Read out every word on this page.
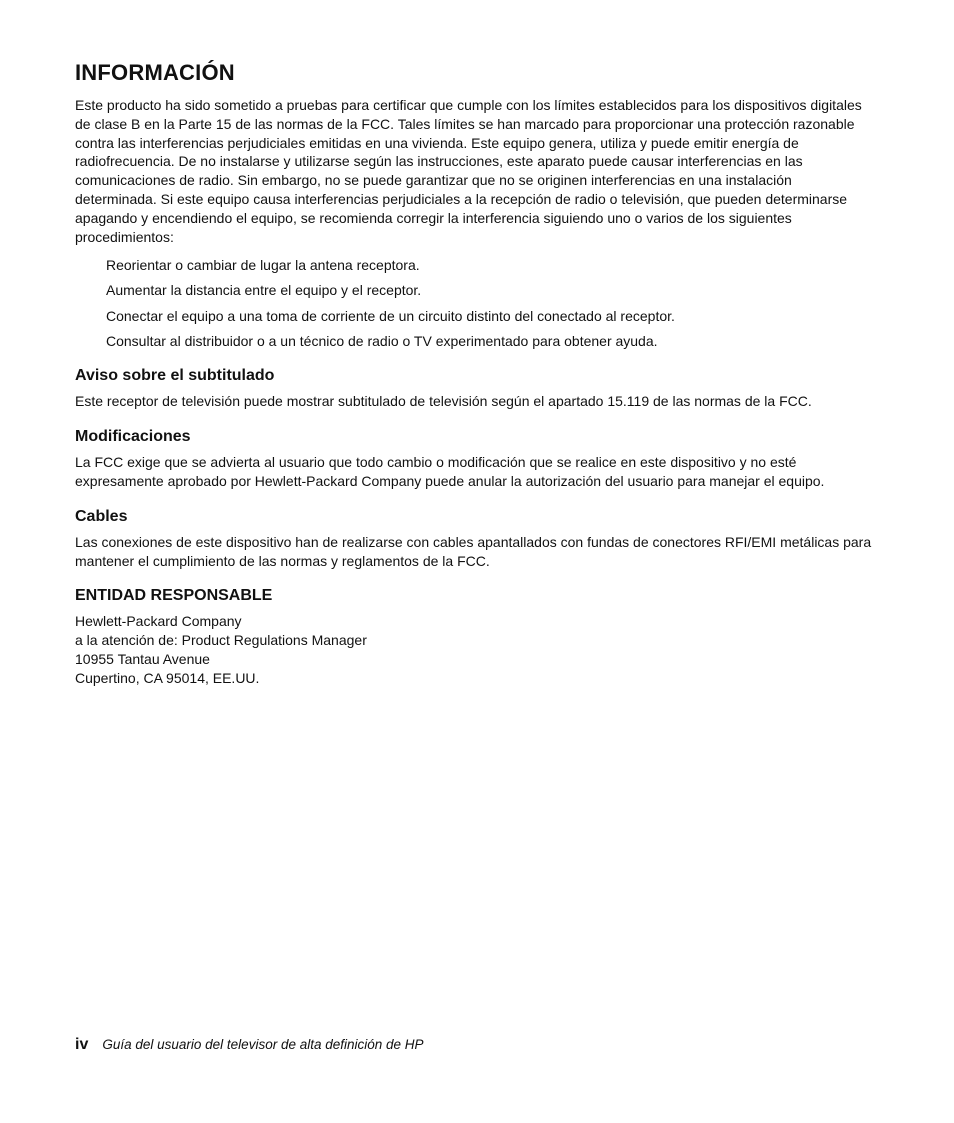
INFORMACIÓN

Este producto ha sido sometido a pruebas para certificar que cumple con los límites establecidos para los dispositivos digitales de clase B en la Parte 15 de las normas de la FCC. Tales límites se han marcado para proporcionar una protección razonable contra las interferencias perjudiciales emitidas en una vivienda. Este equipo genera, utiliza y puede emitir energía de radiofrecuencia. De no instalarse y utilizarse según las instrucciones, este aparato puede causar interferencias en las comunicaciones de radio. Sin embargo, no se puede garantizar que no se originen interferencias en una instalación determinada. Si este equipo causa interferencias perjudiciales a la recepción de radio o televisión, que pueden determinarse apagando y encendiendo el equipo, se recomienda corregir la interferencia siguiendo uno o varios de los siguientes procedimientos:

Reorientar o cambiar de lugar la antena receptora.
Aumentar la distancia entre el equipo y el receptor.
Conectar el equipo a una toma de corriente de un circuito distinto del conectado al receptor.
Consultar al distribuidor o a un técnico de radio o TV experimentado para obtener ayuda.
Aviso sobre el subtitulado

Este receptor de televisión puede mostrar subtitulado de televisión según el apartado 15.119 de las normas de la FCC.

Modificaciones

La FCC exige que se advierta al usuario que todo cambio o modificación que se realice en este dispositivo y no esté expresamente aprobado por Hewlett-Packard Company puede anular la autorización del usuario para manejar el equipo.

Cables

Las conexiones de este dispositivo han de realizarse con cables apantallados con fundas de conectores RFI/EMI metálicas para mantener el cumplimiento de las normas y reglamentos de la FCC.

ENTIDAD RESPONSABLE
Hewlett-Packard Company
a la atención de: Product Regulations Manager
10955 Tantau Avenue
Cupertino, CA 95014, EE.UU.
iv Guía del usuario del televisor de alta definición de HP
